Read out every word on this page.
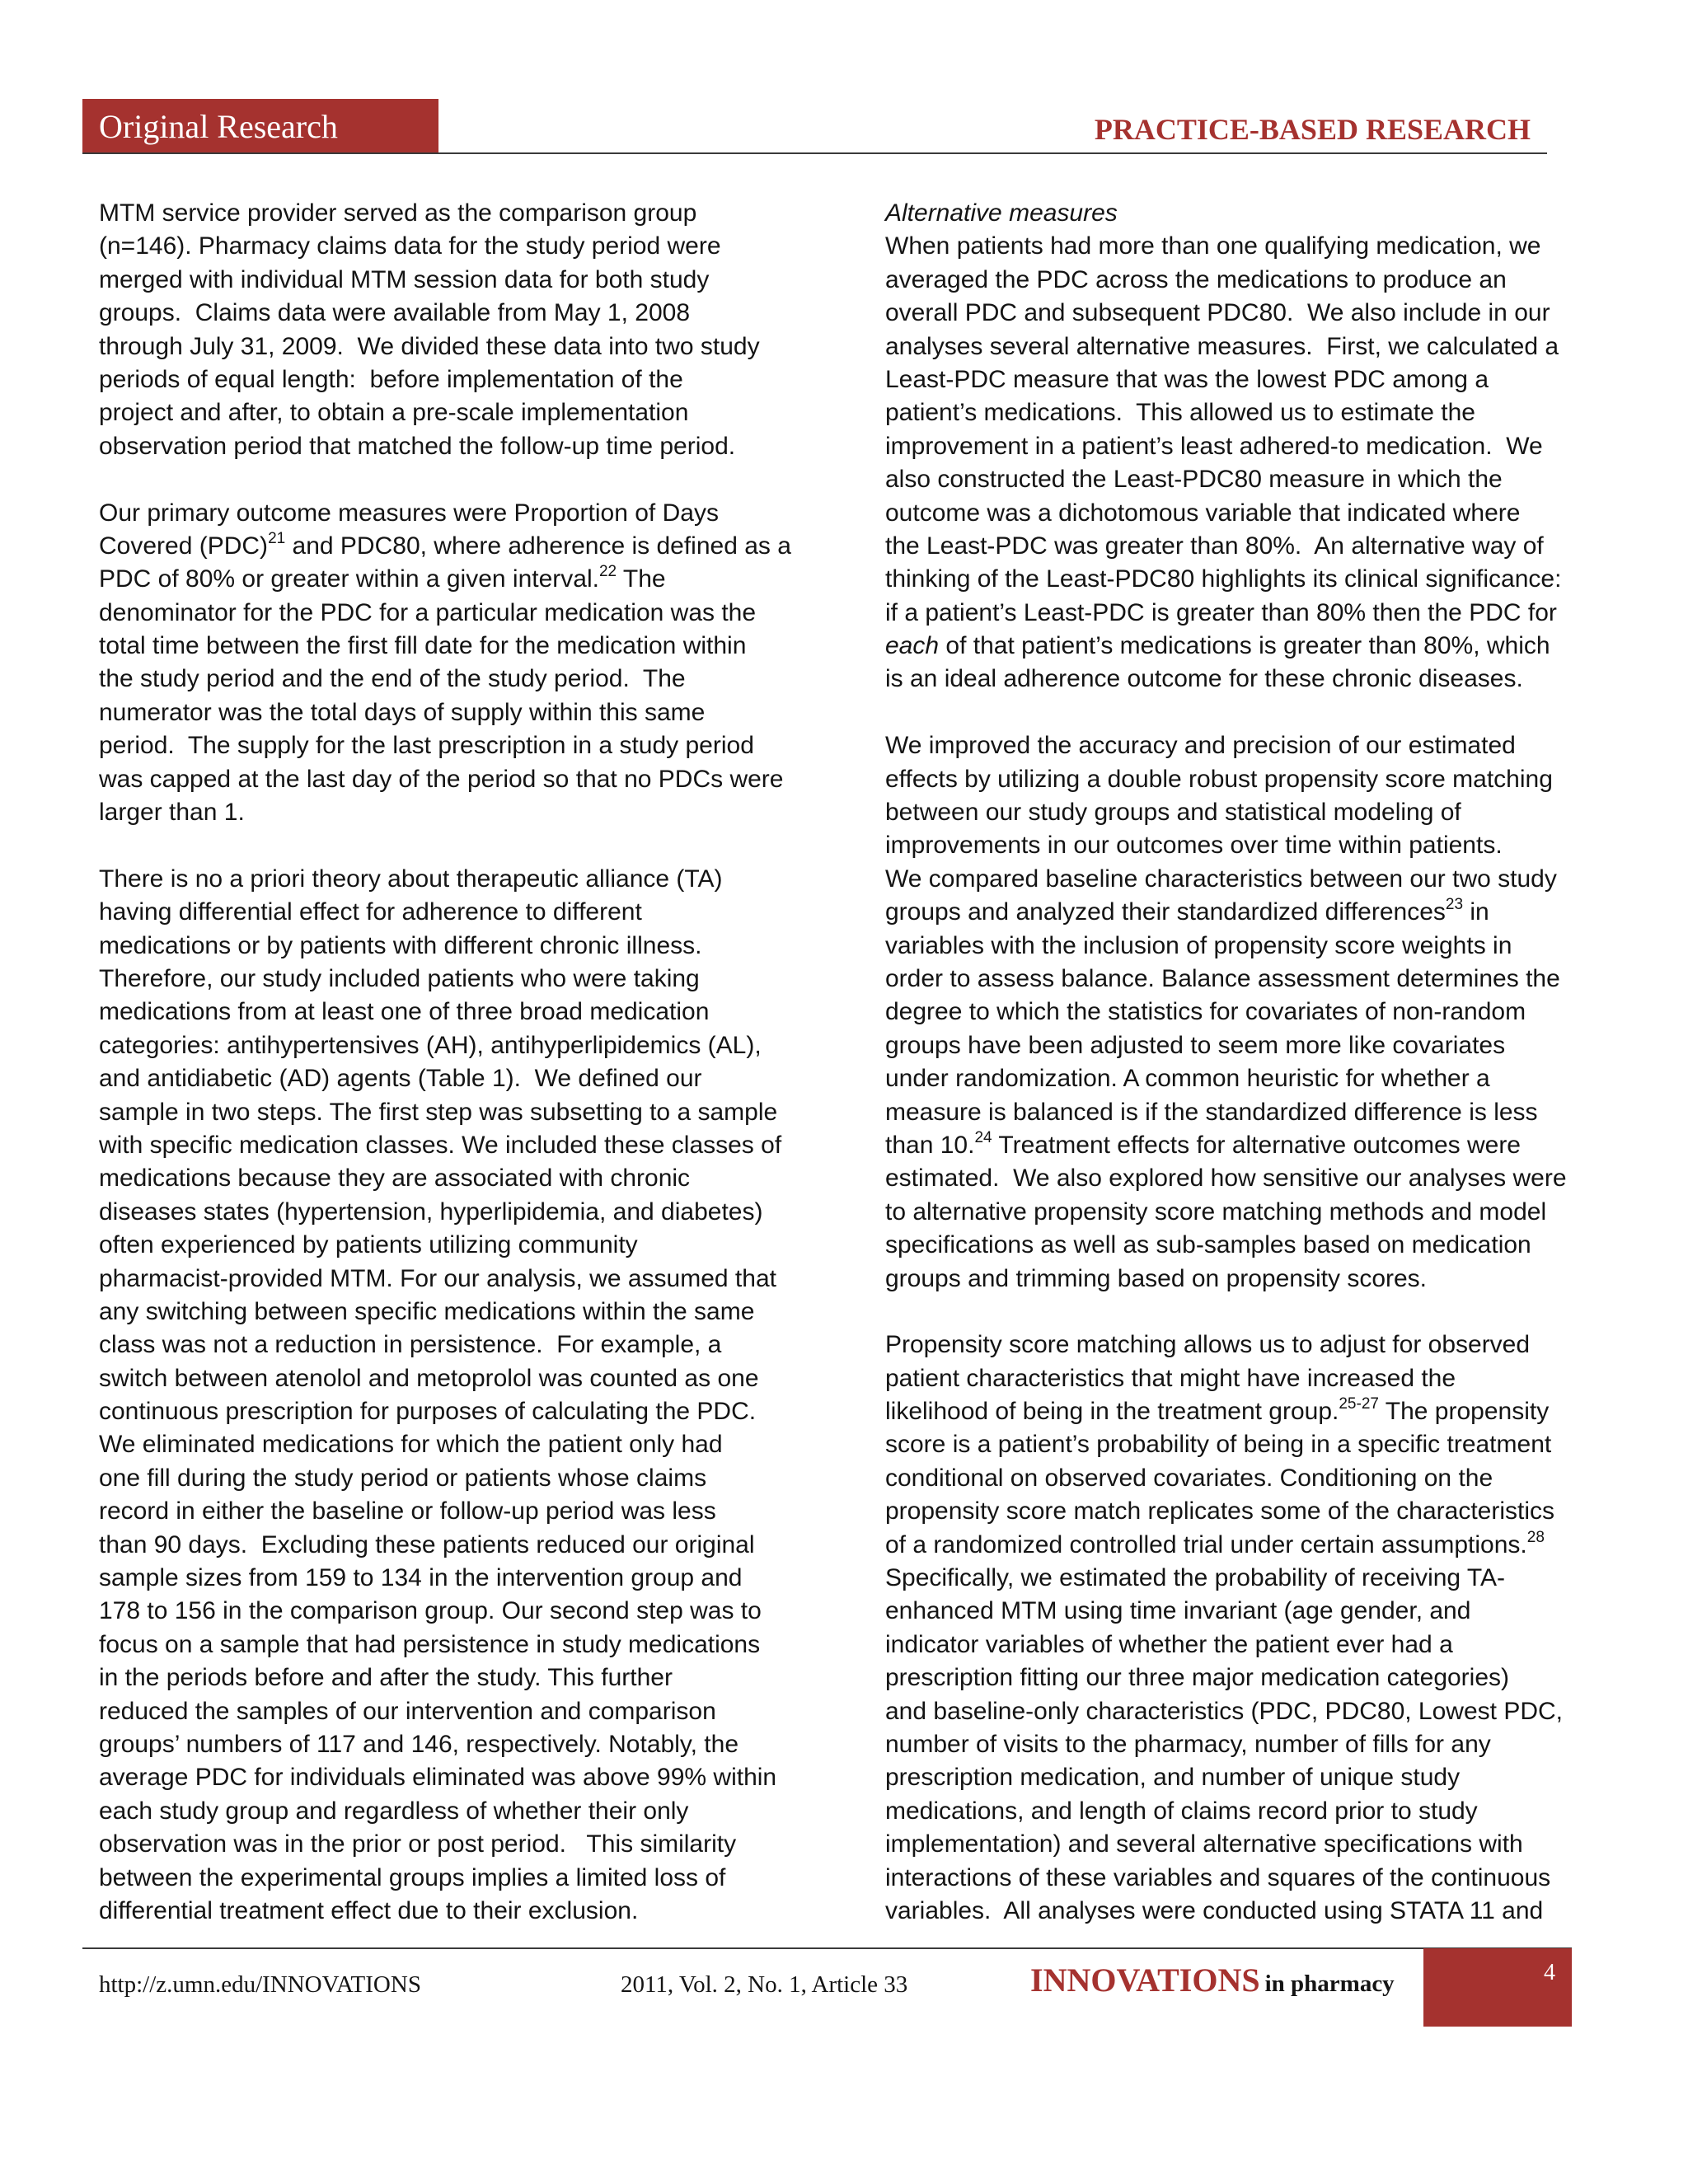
Original Research	PRACTICE-BASED RESEARCH
MTM service provider served as the comparison group
(n=146). Pharmacy claims data for the study period were
merged with individual MTM session data for both study
groups.  Claims data were available from May 1, 2008
through July 31, 2009.  We divided these data into two study
periods of equal length:  before implementation of the
project and after, to obtain a pre-scale implementation
observation period that matched the follow-up time period.
Our primary outcome measures were Proportion of Days
Covered (PDC)$^{21}$ and PDC80, where adherence is defined as a
PDC of 80% or greater within a given interval.$^{22}$ The
denominator for the PDC for a particular medication was the
total time between the first fill date for the medication within
the study period and the end of the study period.  The
numerator was the total days of supply within this same
period.  The supply for the last prescription in a study period
was capped at the last day of the period so that no PDCs were
larger than 1.
There is no a priori theory about therapeutic alliance (TA)
having differential effect for adherence to different
medications or by patients with different chronic illness.
Therefore, our study included patients who were taking
medications from at least one of three broad medication
categories: antihypertensives (AH), antihyperlipidemics (AL),
and antidiabetic (AD) agents (Table 1).  We defined our
sample in two steps. The first step was subsetting to a sample
with specific medication classes. We included these classes of
medications because they are associated with chronic
diseases states (hypertension, hyperlipidemia, and diabetes)
often experienced by patients utilizing community
pharmacist-provided MTM. For our analysis, we assumed that
any switching between specific medications within the same
class was not a reduction in persistence.  For example, a
switch between atenolol and metoprolol was counted as one
continuous prescription for purposes of calculating the PDC.
We eliminated medications for which the patient only had
one fill during the study period or patients whose claims
record in either the baseline or follow-up period was less
than 90 days.  Excluding these patients reduced our original
sample sizes from 159 to 134 in the intervention group and
178 to 156 in the comparison group. Our second step was to
focus on a sample that had persistence in study medications
in the periods before and after the study. This further
reduced the samples of our intervention and comparison
groups’ numbers of 117 and 146, respectively. Notably, the
average PDC for individuals eliminated was above 99% within
each study group and regardless of whether their only
observation was in the prior or post period.   This similarity
between the experimental groups implies a limited loss of
differential treatment effect due to their exclusion.
Alternative measures
When patients had more than one qualifying medication, we
averaged the PDC across the medications to produce an
overall PDC and subsequent PDC80.  We also include in our
analyses several alternative measures.  First, we calculated a
Least-PDC measure that was the lowest PDC among a
patient’s medications.  This allowed us to estimate the
improvement in a patient’s least adhered-to medication.  We
also constructed the Least-PDC80 measure in which the
outcome was a dichotomous variable that indicated where
the Least-PDC was greater than 80%.  An alternative way of
thinking of the Least-PDC80 highlights its clinical significance:
if a patient’s Least-PDC is greater than 80% then the PDC for
each of that patient’s medications is greater than 80%, which
is an ideal adherence outcome for these chronic diseases.
We improved the accuracy and precision of our estimated
effects by utilizing a double robust propensity score matching
between our study groups and statistical modeling of
improvements in our outcomes over time within patients.
We compared baseline characteristics between our two study
groups and analyzed their standardized differences$^{23}$ in
variables with the inclusion of propensity score weights in
order to assess balance. Balance assessment determines the
degree to which the statistics for covariates of non-random
groups have been adjusted to seem more like covariates
under randomization. A common heuristic for whether a
measure is balanced is if the standardized difference is less
than 10.24 Treatment effects for alternative outcomes were
estimated.  We also explored how sensitive our analyses were
to alternative propensity score matching methods and model
specifications as well as sub-samples based on medication
groups and trimming based on propensity scores.
Propensity score matching allows us to adjust for observed
patient characteristics that might have increased the
likelihood of being in the treatment group.$^{25-27}$ The propensity
score is a patient’s probability of being in a specific treatment
conditional on observed covariates. Conditioning on the
propensity score match replicates some of the characteristics
of a randomized controlled trial under certain assumptions.$^{28}$
Specifically, we estimated the probability of receiving TA-
enhanced MTM using time invariant (age gender, and
indicator variables of whether the patient ever had a
prescription fitting our three major medication categories)
and baseline-only characteristics (PDC, PDC80, Lowest PDC,
number of visits to the pharmacy, number of fills for any
prescription medication, and number of unique study
medications, and length of claims record prior to study
implementation) and several alternative specifications with
interactions of these variables and squares of the continuous
variables.  All analyses were conducted using STATA 11 and
http://z.umn.edu/INNOVATIONS	2011, Vol. 2, No. 1, Article 33	INNOVATIONS in pharmacy	4
